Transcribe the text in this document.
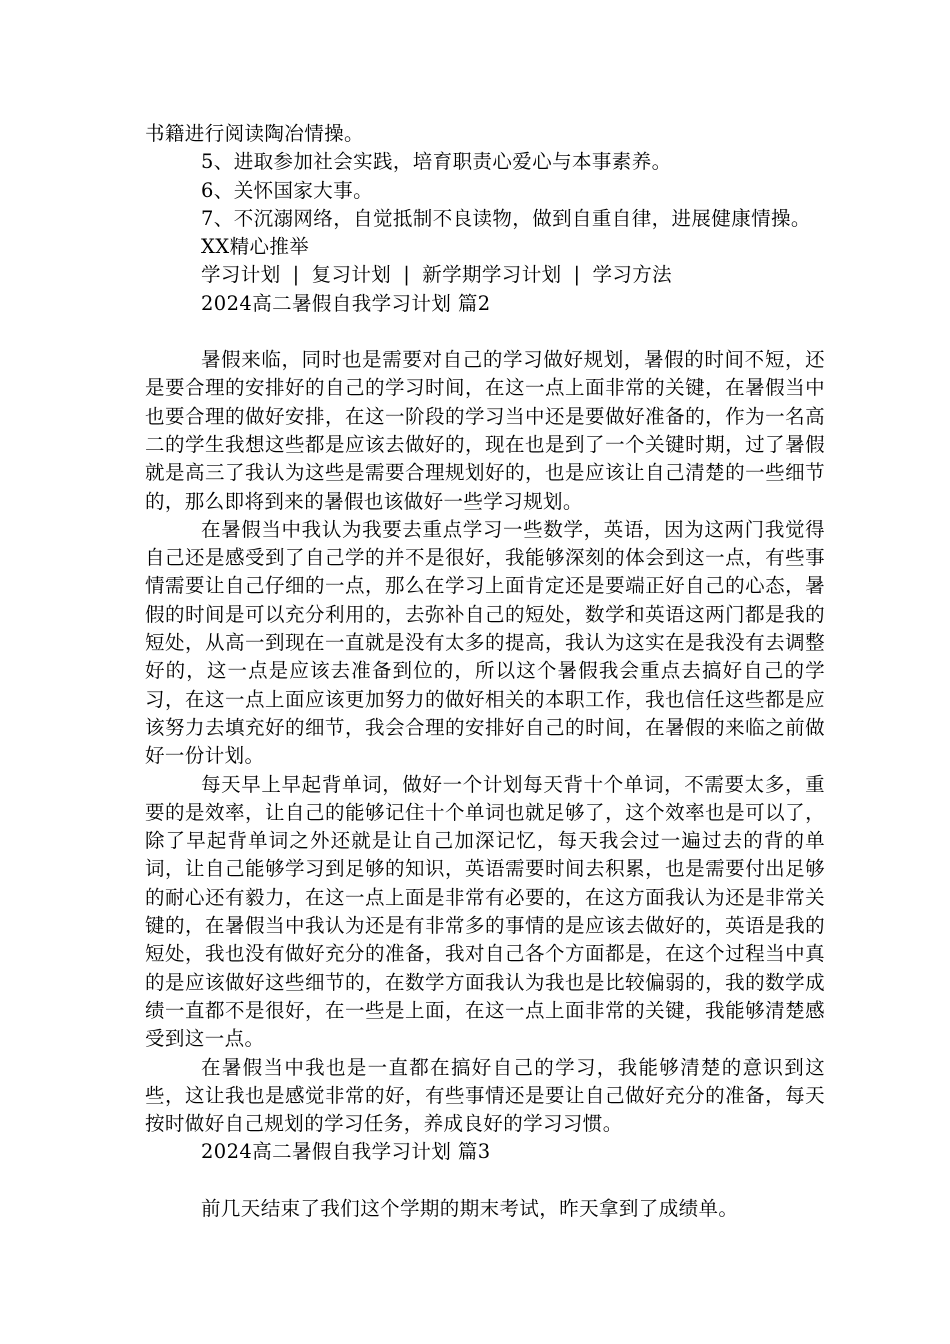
书籍进行阅读陶冶情操。

5、进取参加社会实践，培育职责心爱心与本事素养。

6、关怀国家大事。

7、不沉溺网络，自觉抵制不良读物，做到自重自律，进展健康情操。

XX精心推举

学习计划 | 复习计划 | 新学期学习计划 | 学习方法

2024高二暑假自我学习计划 篇2

暑假来临，同时也是需要对自己的学习做好规划，暑假的时间不短，还是要合理的安排好的自己的学习时间，在这一点上面非常的关键，在暑假当中也要合理的做好安排，在这一阶段的学习当中还是要做好准备的，作为一名高二的学生我想这些都是应该去做好的，现在也是到了一个关键时期，过了暑假就是高三了我认为这些是需要合理规划好的，也是应该让自己清楚的一些细节的，那么即将到来的暑假也该做好一些学习规划。

在暑假当中我认为我要去重点学习一些数学，英语，因为这两门我觉得自己还是感受到了自己学的并不是很好，我能够深刻的体会到这一点，有些事情需要让自己仔细的一点，那么在学习上面肯定还是要端正好自己的心态，暑假的时间是可以充分利用的，去弥补自己的短处，数学和英语这两门都是我的短处，从高一到现在一直就是没有太多的提高，我认为这实在是我没有去调整好的，这一点是应该去准备到位的，所以这个暑假我会重点去搞好自己的学习，在这一点上面应该更加努力的做好相关的本职工作，我也信任这些都是应该努力去填充好的细节，我会合理的安排好自己的时间，在暑假的来临之前做好一份计划。

每天早上早起背单词，做好一个计划每天背十个单词，不需要太多，重要的是效率，让自己的能够记住十个单词也就足够了，这个效率也是可以了，除了早起背单词之外还就是让自己加深记忆，每天我会过一遍过去的背的单词，让自己能够学习到足够的知识，英语需要时间去积累，也是需要付出足够的耐心还有毅力，在这一点上面是非常有必要的，在这方面我认为还是非常关键的，在暑假当中我认为还是有非常多的事情的是应该去做好的，英语是我的短处，我也没有做好充分的准备，我对自己各个方面都是，在这个过程当中真的是应该做好这些细节的，在数学方面我认为我也是比较偏弱的，我的数学成绩一直都不是很好，在一些是上面，在这一点上面非常的关键，我能够清楚感受到这一点。

在暑假当中我也是一直都在搞好自己的学习，我能够清楚的意识到这些，这让我也是感觉非常的好，有些事情还是要让自己做好充分的准备，每天按时做好自己规划的学习任务，养成良好的学习习惯。

2024高二暑假自我学习计划 篇3

前几天结束了我们这个学期的期末考试，昨天拿到了成绩单。
